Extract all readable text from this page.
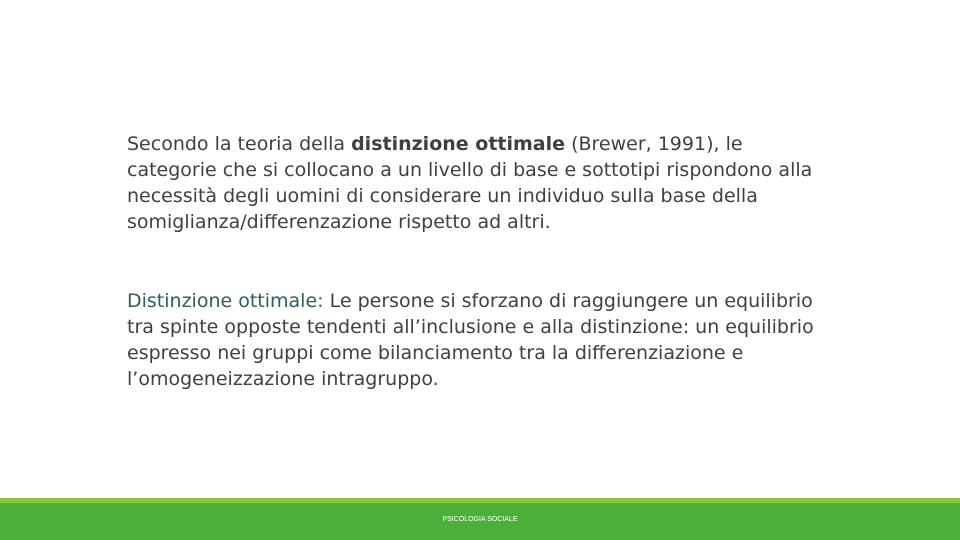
Secondo la teoria della distinzione ottimale (Brewer, 1991), le categorie che si collocano a un livello di base e sottotipi rispondono alla necessità degli uomini di considerare un individuo sulla base della somiglianza/differenzazione rispetto ad altri.

Distinzione ottimale: Le persone si sforzano di raggiungere un equilibrio tra spinte opposte tendenti all’inclusione e alla distinzione: un equilibrio espresso nei gruppi come bilanciamento tra la differenziazione e l’omogeneizzazione intragruppo.

PSICOLOGIA SOCIALE
